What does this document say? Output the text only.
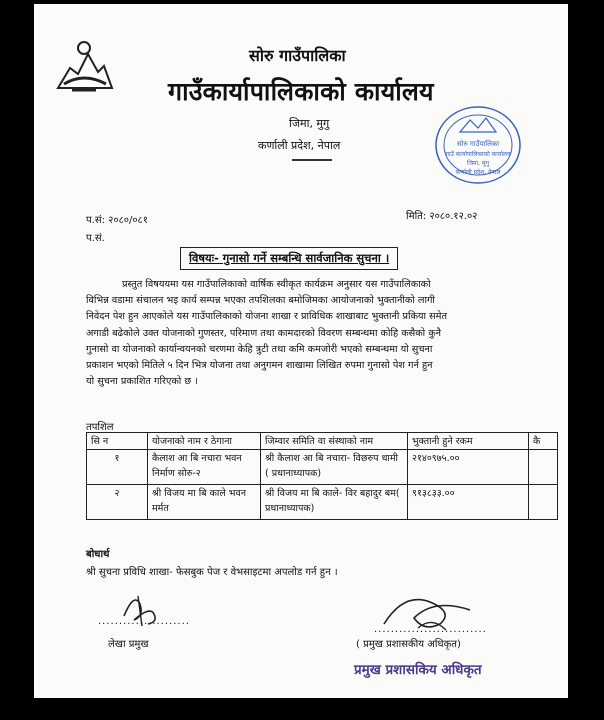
सोरु गाउँपालिका
गाउँकार्यापालिकाको कार्यालय
जिमा, मुगु
कर्णाली प्रदेश, नेपाल	सोरु गाउँपालिका
गाउँ कार्यापालिकाको कार्यालय
जिमा, मुगु
कर्णाली प्रदेश, नेपाल
प.सं: २०८०/०८१
प.सं.
मिति: २०८०.१२.०२
विषयः- गुनासो गर्ने सम्बन्धि सार्वजानिक सुचना ।
प्रस्तुत विषययमा यस गाउँपालिकाको वार्षिक स्वीकृत कार्यक्रम अनुसार यस गाउँपालिकाको
विभिन्न वडामा संचालन भइ कार्य सम्पन्न भएका तपशिलका बमोजिमका आयोजनाको भुक्तानीको लागी
निवेदन पेश हुन आएकोले यस गाउँपालिकाको योजना शाखा र प्राविधिक शाखाबाट भुक्तानी प्रकिया समेत
अगाडी बढेकोले उक्त योजनाको गुणस्तर, परिमाण तथा कामदारको विवरण सम्बन्धमा कोहि कसैको कुनै
गुनासो वा योजनाको कार्यान्वयनको चरणमा केहि त्रुटी तथा कमि कमजोरी भएको सम्बन्धमा यो सुचना
प्रकाशन भएको मितिले ५ दिन भित्र योजना तथा अनुगमन शाखामा लिखित रुपमा गुनासो पेश गर्न हुन
यो सुचना प्रकाशित गरिएको छ ।
तपशिल
सि न	योजनाको नाम र ठेगाना	जिम्वार समिति वा संस्थाको नाम	भुक्तानी हुने रकम	कै
१	कैलाश आ बि नचारा भवन निर्माण सोरु-२	श्री कैलाश आ बि नचारा- विछरुप धामी ( प्रधानाध्यापक)	२१४०९७५.००	
२	श्री विजय मा बि काले भवन मर्मत	श्री विजय मा बि काले- विर बहादुर बम( प्रधानाध्यापक)	९१३८३३.००	
बोधार्थ
श्री सुचना प्रविधि शाखा- फेसबुक पेज र वेभसाइटमा अपलोड गर्न हुन ।
......................
लेखा प्रमुख
...........................
( प्रमुख प्रशासकीय अधिकृत)
प्रमुख प्रशासकिय अधिकृत
